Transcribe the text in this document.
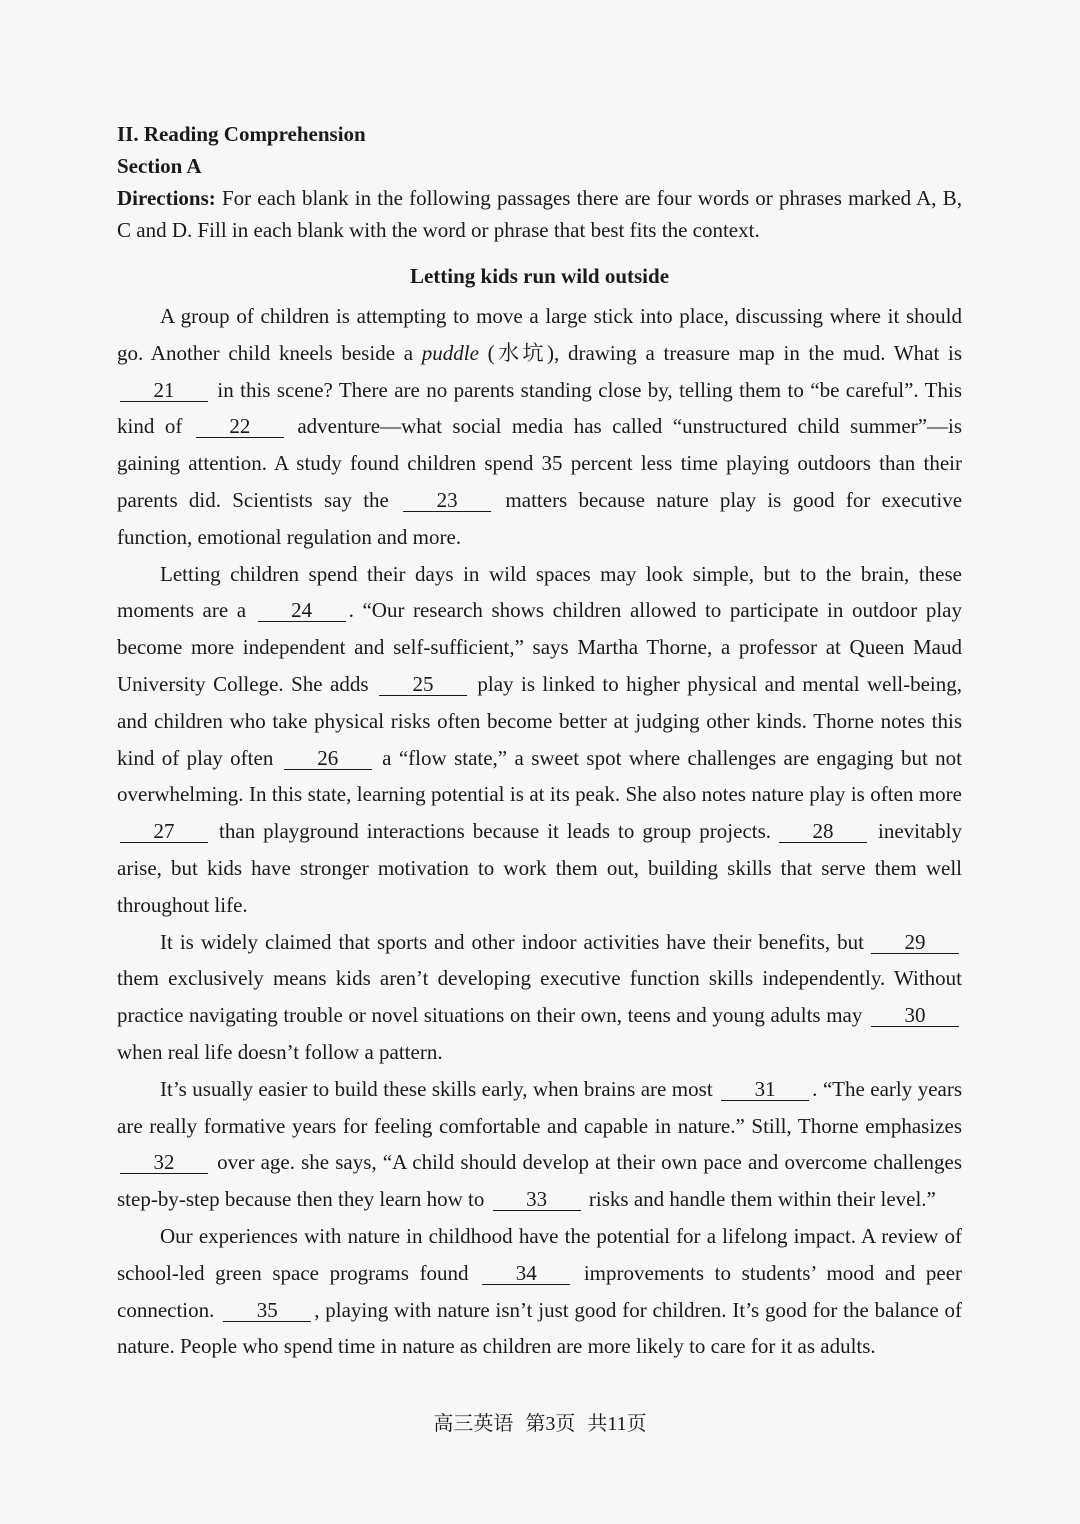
II. Reading Comprehension

Section A

Directions: For each blank in the following passages there are four words or phrases marked A, B, C and D. Fill in each blank with the word or phrase that best fits the context.

Letting kids run wild outside

A group of children is attempting to move a large stick into place, discussing where it should go. Another child kneels beside a puddle (水坑), drawing a treasure map in the mud. What is 21 in this scene? There are no parents standing close by, telling them to “be careful”. This kind of 22 adventure—what social media has called “unstructured child summer”—is gaining attention. A study found children spend 35 percent less time playing outdoors than their parents did. Scientists say the 23 matters because nature play is good for executive function, emotional regulation and more.

Letting children spend their days in wild spaces may look simple, but to the brain, these moments are a 24 . “Our research shows children allowed to participate in outdoor play become more independent and self-sufficient,” says Martha Thorne, a professor at Queen Maud University College. She adds 25 play is linked to higher physical and mental well-being, and children who take physical risks often become better at judging other kinds. Thorne notes this kind of play often 26 a “flow state,” a sweet spot where challenges are engaging but not overwhelming. In this state, learning potential is at its peak. She also notes nature play is often more 27 than playground interactions because it leads to group projects. 28 inevitably arise, but kids have stronger motivation to work them out, building skills that serve them well throughout life.

It is widely claimed that sports and other indoor activities have their benefits, but 29 them exclusively means kids aren’t developing executive function skills independently. Without practice navigating trouble or novel situations on their own, teens and young adults may 30 when real life doesn’t follow a pattern.

It’s usually easier to build these skills early, when brains are most 31 . “The early years are really formative years for feeling comfortable and capable in nature.” Still, Thorne emphasizes 32 over age. she says, “A child should develop at their own pace and overcome challenges step-by-step because then they learn how to 33 risks and handle them within their level.”

Our experiences with nature in childhood have the potential for a lifelong impact. A review of school-led green space programs found 34 improvements to students’ mood and peer connection. 35 , playing with nature isn’t just good for children. It’s good for the balance of nature. People who spend time in nature as children are more likely to care for it as adults.

高三英语 第3页 共11页
